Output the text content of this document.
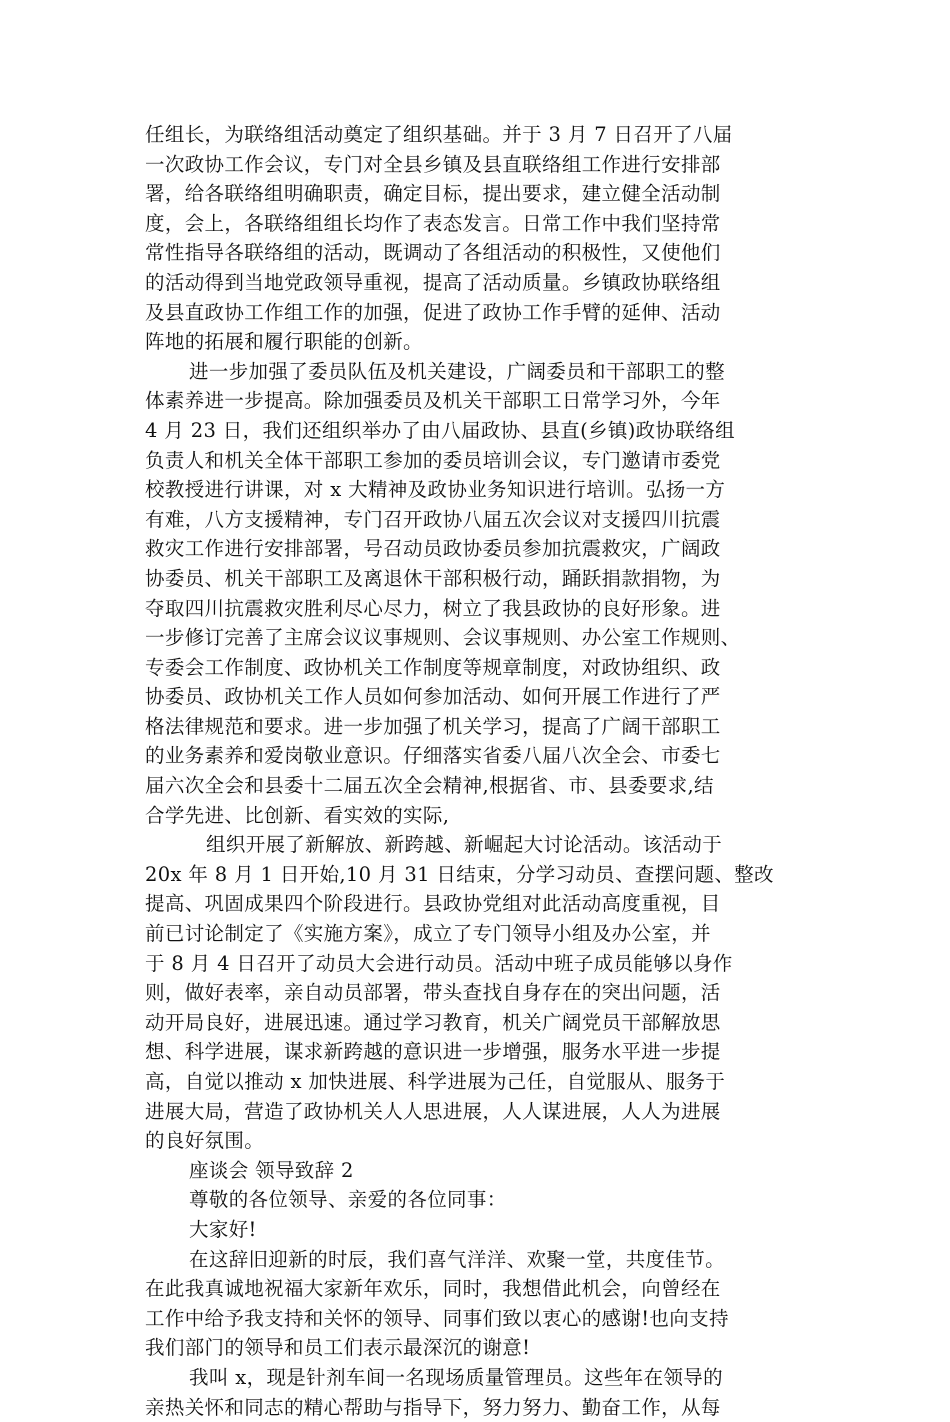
任组长，为联络组活动奠定了组织基础。并于 3 月 7 日召开了八届
一次政协工作会议，专门对全县乡镇及县直联络组工作进行安排部
署，给各联络组明确职责，确定目标，提出要求，建立健全活动制
度，会上，各联络组组长均作了表态发言。日常工作中我们坚持常
常性指导各联络组的活动，既调动了各组活动的积极性，又使他们
的活动得到当地党政领导重视，提高了活动质量。乡镇政协联络组
及县直政协工作组工作的加强，促进了政协工作手臂的延伸、活动
阵地的拓展和履行职能的创新。
进一步加强了委员队伍及机关建设，广阔委员和干部职工的整
体素养进一步提高。除加强委员及机关干部职工日常学习外，今年
4 月 23 日，我们还组织举办了由八届政协、县直(乡镇)政协联络组
负责人和机关全体干部职工参加的委员培训会议，专门邀请市委党
校教授进行讲课，对 x 大精神及政协业务知识进行培训。弘扬一方
有难，八方支援精神，专门召开政协八届五次会议对支援四川抗震
救灾工作进行安排部署，号召动员政协委员参加抗震救灾，广阔政
协委员、机关干部职工及离退休干部积极行动，踊跃捐款捐物，为
夺取四川抗震救灾胜利尽心尽力，树立了我县政协的良好形象。进
一步修订完善了主席会议议事规则、会议事规则、办公室工作规则、
专委会工作制度、政协机关工作制度等规章制度，对政协组织、政
协委员、政协机关工作人员如何参加活动、如何开展工作进行了严
格法律规范和要求。进一步加强了机关学习，提高了广阔干部职工
的业务素养和爱岗敬业意识。仔细落实省委八届八次全会、市委七
届六次全会和县委十二届五次全会精神,根据省、市、县委要求,结
合学先进、比创新、看实效的实际,
组织开展了新解放、新跨越、新崛起大讨论活动。该活动于
20x 年 8 月 1 日开始,10 月 31 日结束，分学习动员、查摆问题、整改
提高、巩固成果四个阶段进行。县政协党组对此活动高度重视，目
前已讨论制定了《实施方案》，成立了专门领导小组及办公室，并
于 8 月 4 日召开了动员大会进行动员。活动中班子成员能够以身作
则，做好表率，亲自动员部署，带头查找自身存在的突出问题，活
动开局良好，进展迅速。通过学习教育，机关广阔党员干部解放思
想、科学进展，谋求新跨越的意识进一步增强，服务水平进一步提
高，自觉以推动 x 加快进展、科学进展为己任，自觉服从、服务于
进展大局，营造了政协机关人人思进展，人人谋进展，人人为进展
的良好氛围。
座谈会 领导致辞 2
尊敬的各位领导、亲爱的各位同事：
大家好!
在这辞旧迎新的时辰，我们喜气洋洋、欢聚一堂，共度佳节。
在此我真诚地祝福大家新年欢乐，同时，我想借此机会，向曾经在
工作中给予我支持和关怀的领导、同事们致以衷心的感谢!也向支持
我们部门的领导和员工们表示最深沉的谢意!
我叫 x，现是针剂车间一名现场质量管理员。这些年在领导的
亲热关怀和同志的精心帮助与指导下，努力努力、勤奋工作，从每
